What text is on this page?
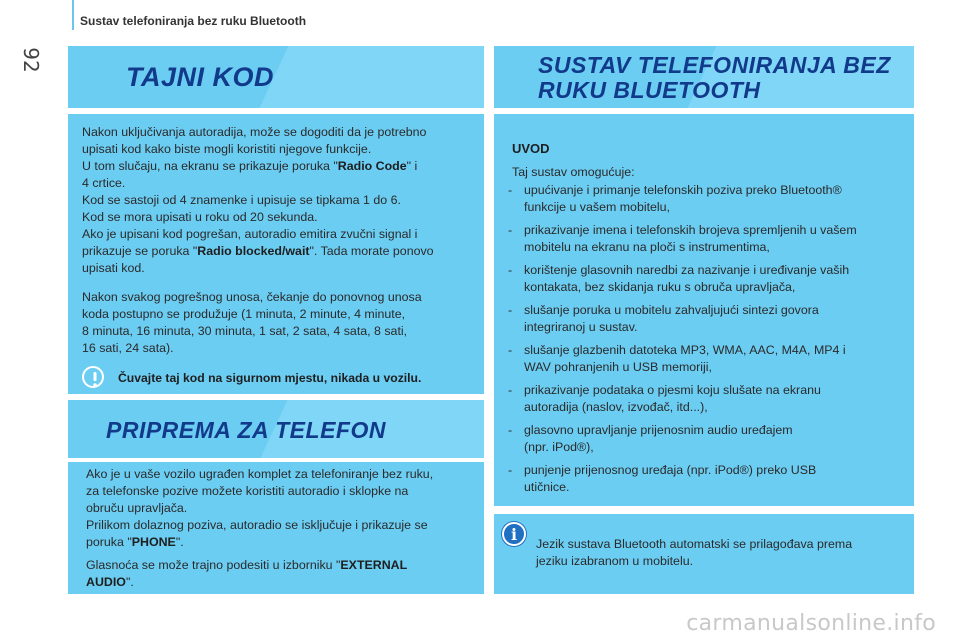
92
Sustav telefoniranja bez ruku Bluetooth
TAJNI KOD

Nakon uključivanja autoradija, može se dogoditi da je potrebno

upisati kod kako biste mogli koristiti njegove funkcije.

U tom slučaju, na ekranu se prikazuje poruka "Radio Code" i

4 crtice.

Kod se sastoji od 4 znamenke i upisuje se tipkama 1 do 6.

Kod se mora upisati u roku od 20 sekunda.

Ako je upisani kod pogrešan, autoradio emitira zvučni signal i

prikazuje se poruka "Radio blocked/wait". Tada morate ponovo

upisati kod.

Nakon svakog pogrešnog unosa, čekanje do ponovnog unosa

koda postupno se produžuje (1 minuta, 2 minute, 4 minute,

8 minuta, 16 minuta, 30 minuta, 1 sat, 2 sata, 4 sata, 8 sati,

16 sati, 24 sata).

Čuvajte taj kod na sigurnom mjestu, nikada u vozilu.
PRIPREMA ZA TELEFON

Ako je u vaše vozilo ugrađen komplet za telefoniranje bez ruku,

za telefonske pozive možete koristiti autoradio i sklopke na

obruču upravljača.

Prilikom dolaznog poziva, autoradio se isključuje i prikazuje se

poruka "PHONE".

Glasnoća se može trajno podesiti u izborniku "EXTERNAL

AUDIO".

SUSTAV TELEFONIRANJA BEZ
RUKU BLUETOOTH
UVOD
Taj sustav omogućuje:
- upućivanje i primanje telefonskih poziva preko Bluetooth®
funkcije u vašem mobitelu,
- prikazivanje imena i telefonskih brojeva spremljenih u vašem
mobitelu na ekranu na ploči s instrumentima,
- korištenje glasovnih naredbi za nazivanje i uređivanje vaših
kontakata, bez skidanja ruku s obruča upravljača,
- slušanje poruka u mobitelu zahvaljujući sintezi govora
integriranoj u sustav.
- slušanje glazbenih datoteka MP3, WMA, AAC, M4A, MP4 i
WAV pohranjenih u USB memoriji,
- prikazivanje podataka o pjesmi koju slušate na ekranu
autoradija (naslov, izvođač, itd...),
- glasovno upravljanje prijenosnim audio uređajem
(npr. iPod®),
- punjenje prijenosnog uređaja (npr. iPod®) preko USB
utičnice.
i	Jezik sustava Bluetooth automatski se prilagođava prema

jeziku izabranom u mobitelu.

carmanualsonline.info
